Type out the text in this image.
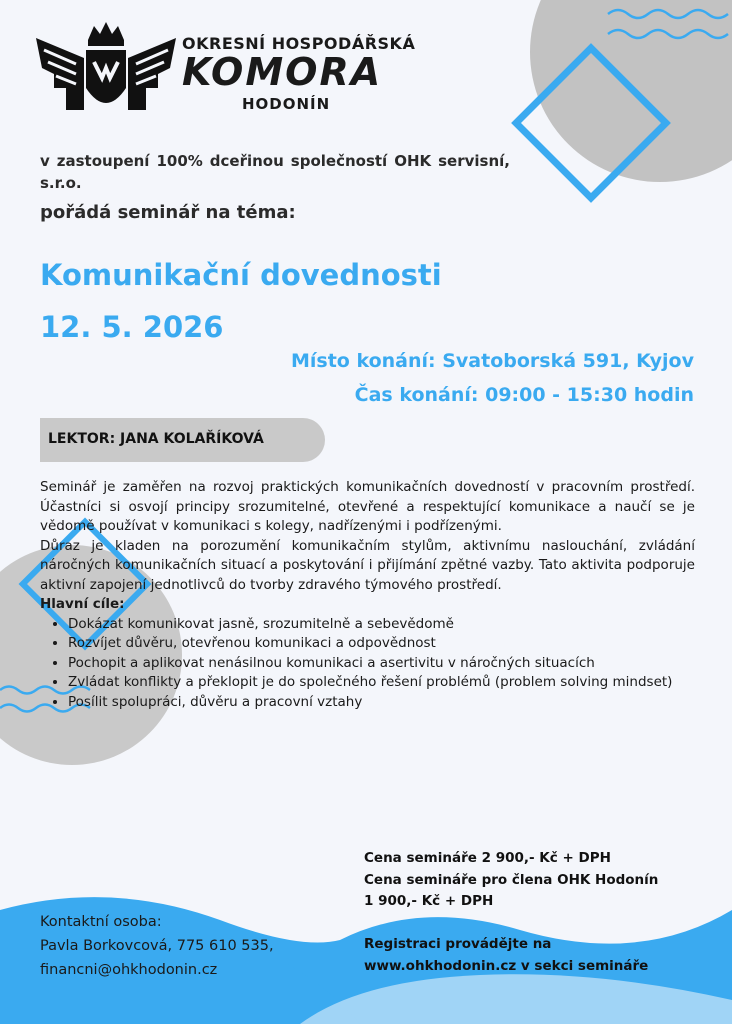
OKRESNÍ HOSPODÁŘSKÁ
KOMORA
HODONÍN

v zastoupení 100% dceřinou společností OHK servisní, s.r.o.

pořádá seminář na téma:

Komunikační dovednosti
12. 5. 2026
Místo konání: Svatoborská 591, Kyjov
Čas konání: 09:00 - 15:30 hodin
LEKTOR: JANA KOLAŘÍKOVÁ

Seminář je zaměřen na rozvoj praktických komunikačních dovedností v pracovním prostředí. Účastníci si osvojí principy srozumitelné, otevřené a respektující komunikace a naučí se je vědomě používat v komunikaci s kolegy, nadřízenými i podřízenými.

Důraz je kladen na porozumění komunikačním stylům, aktivnímu naslouchání, zvládání náročných komunikačních situací a poskytování i přijímání zpětné vazby. Tato aktivita podporuje aktivní zapojení jednotlivců do tvorby zdravého týmového prostředí.

Hlavní cíle:

• Dokázat komunikovat jasně, srozumitelně a sebevědomě
• Rozvíjet důvěru, otevřenou komunikaci a odpovědnost
• Pochopit a aplikovat nenásilnou komunikaci a asertivitu v náročných situacích
• Zvládat konflikty a překlopit je do společného řešení problémů (problem solving mindset)
• Posílit spolupráci, důvěru a pracovní vztahy
Cena semináře 2 900,- Kč + DPH
Cena semináře pro člena OHK Hodonín
1 900,- Kč + DPH
Kontaktní osoba:
Pavla Borkovcová, 775 610 535,
financni@ohkhodonin.cz
Registraci provádějte na
www.ohkhodonin.cz v sekci semináře
